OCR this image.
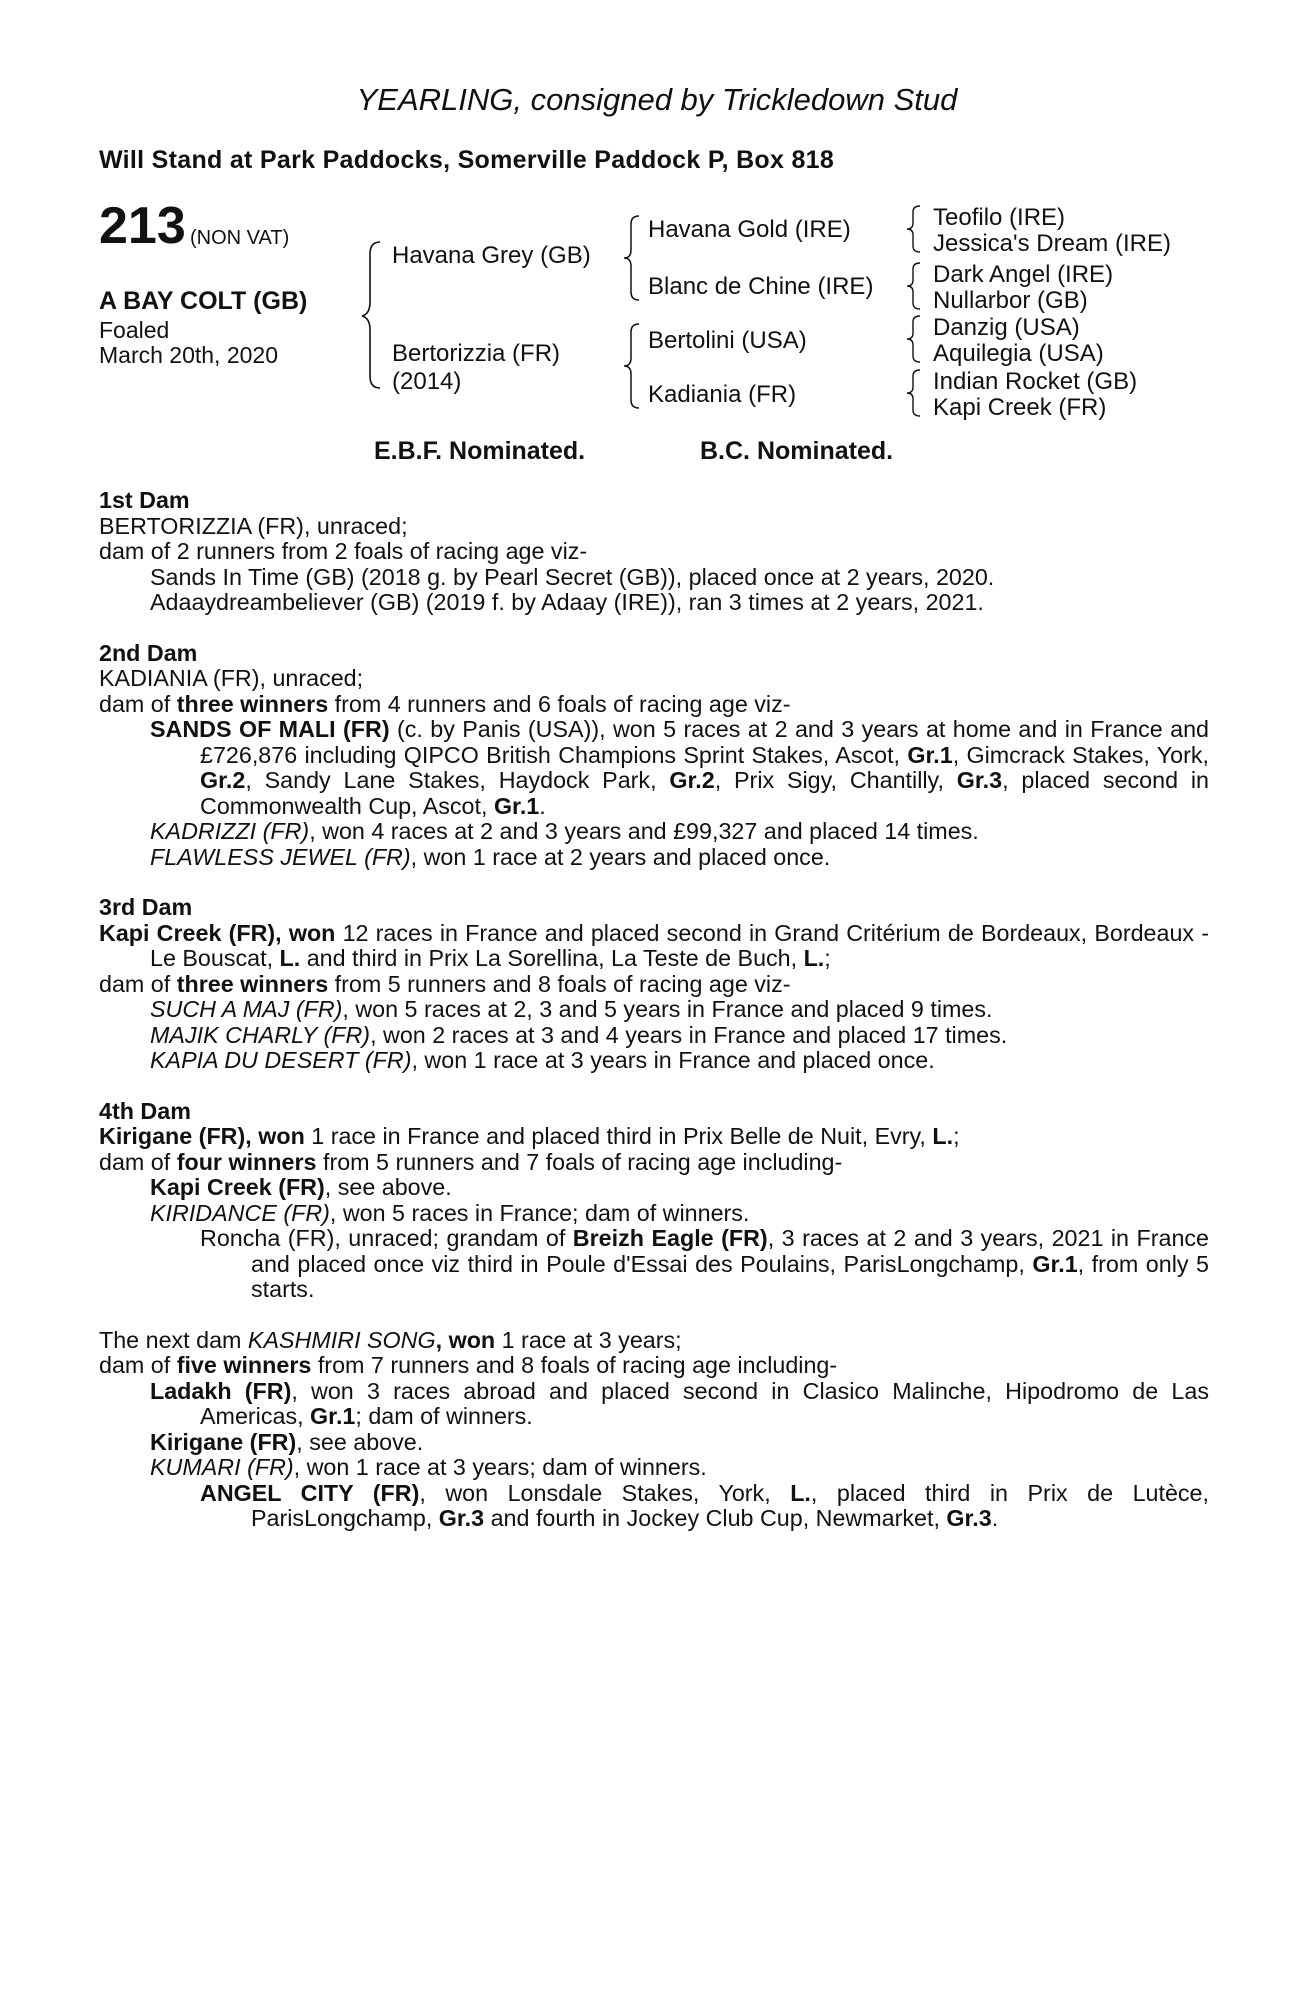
YEARLING, consigned by Trickledown Stud
Will Stand at Park Paddocks, Somerville Paddock P, Box 818
213 (NON VAT)
A BAY COLT (GB)
Foaled
March 20th, 2020
Havana Grey (GB)
Bertorizzia (FR)
(2014)
Havana Gold (IRE)
Blanc de Chine (IRE)
Bertolini (USA)
Kadiania (FR)
Teofilo (IRE)
Jessica's Dream (IRE)
Dark Angel (IRE)
Nullarbor (GB)
Danzig (USA)
Aquilegia (USA)
Indian Rocket (GB)
Kapi Creek (FR)
E.B.F. Nominated.	B.C. Nominated.
1st Dam
BERTORIZZIA (FR), unraced;
dam of 2 runners from 2 foals of racing age viz-
Sands In Time (GB) (2018 g. by Pearl Secret (GB)), placed once at 2 years, 2020.
Adaaydreambeliever (GB) (2019 f. by Adaay (IRE)), ran 3 times at 2 years, 2021.
2nd Dam
KADIANIA (FR), unraced;
dam of three winners from 4 runners and 6 foals of racing age viz-
SANDS OF MALI (FR) (c. by Panis (USA)), won 5 races at 2 and 3 years at home and in France and £726,876 including QIPCO British Champions Sprint Stakes, Ascot, Gr.1, Gimcrack Stakes, York, Gr.2, Sandy Lane Stakes, Haydock Park, Gr.2, Prix Sigy, Chantilly, Gr.3, placed second in Commonwealth Cup, Ascot, Gr.1.
KADRIZZI (FR), won 4 races at 2 and 3 years and £99,327 and placed 14 times.
FLAWLESS JEWEL (FR), won 1 race at 2 years and placed once.
3rd Dam
Kapi Creek (FR), won 12 races in France and placed second in Grand Critérium de Bordeaux, Bordeaux - Le Bouscat, L. and third in Prix La Sorellina, La Teste de Buch, L.;
dam of three winners from 5 runners and 8 foals of racing age viz-
SUCH A MAJ (FR), won 5 races at 2, 3 and 5 years in France and placed 9 times.
MAJIK CHARLY (FR), won 2 races at 3 and 4 years in France and placed 17 times.
KAPIA DU DESERT (FR), won 1 race at 3 years in France and placed once.
4th Dam
Kirigane (FR), won 1 race in France and placed third in Prix Belle de Nuit, Evry, L.;
dam of four winners from 5 runners and 7 foals of racing age including-
Kapi Creek (FR), see above.
KIRIDANCE (FR), won 5 races in France; dam of winners.
Roncha (FR), unraced; grandam of Breizh Eagle (FR), 3 races at 2 and 3 years, 2021 in France and placed once viz third in Poule d'Essai des Poulains, ParisLongchamp, Gr.1, from only 5 starts.
The next dam KASHMIRI SONG, won 1 race at 3 years;
dam of five winners from 7 runners and 8 foals of racing age including-
Ladakh (FR), won 3 races abroad and placed second in Clasico Malinche, Hipodromo de Las Americas, Gr.1; dam of winners.
Kirigane (FR), see above.
KUMARI (FR), won 1 race at 3 years; dam of winners.
ANGEL CITY (FR), won Lonsdale Stakes, York, L., placed third in Prix de Lutèce, ParisLongchamp, Gr.3 and fourth in Jockey Club Cup, Newmarket, Gr.3.
